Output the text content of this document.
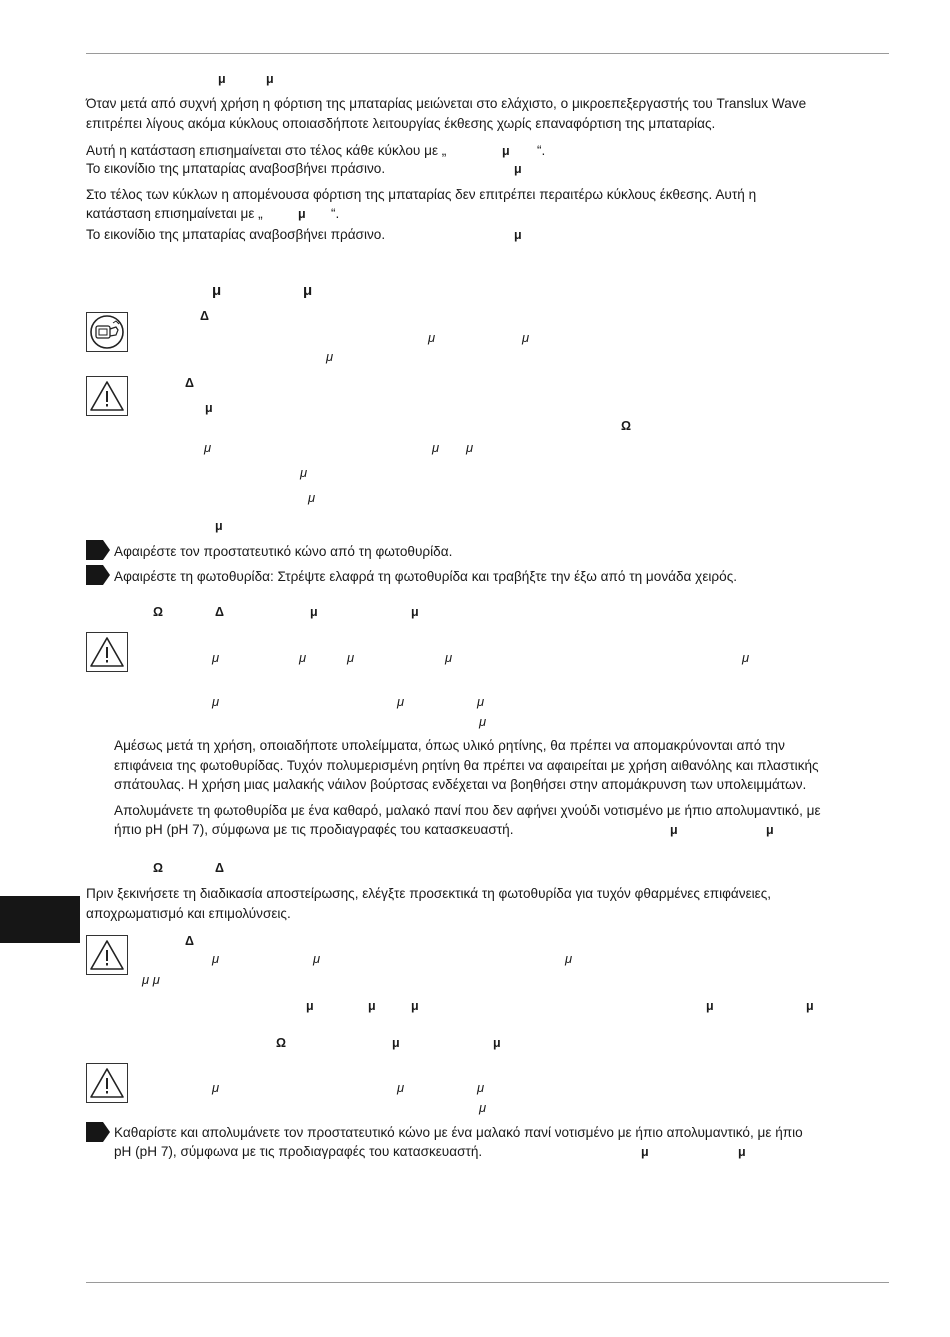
μ	μ
Όταν μετά από συχνή χρήση η φόρτιση της μπαταρίας μειώνεται στο ελάχιστο, ο μικροεπεξεργαστής του Translux Wave
επιτρέπει λίγους ακόμα κύκλους οποιασδήποτε λειτουργίας έκθεσης χωρίς επαναφόρτιση της μπαταρίας.
Αυτή η κατάσταση επισημαίνεται στο τέλος κάθε κύκλου με „	μ “.
Το εικονίδιο της μπαταρίας αναβοσβήνει πράσινο.	μ
Στο τέλος των κύκλων η απομένουσα φόρτιση της μπαταρίας δεν επιτρέπει περαιτέρω κύκλους έκθεσης. Αυτή η
κατάσταση επισημαίνεται με „	μ “.
Το εικονίδιο της μπαταρίας αναβοσβήνει πράσινο.	μ
μ	μ
Δ
μ	μ
μ
Δ
μ
Ω
μ	μ μ
μ
μ
μ
Αφαιρέστε τον προστατευτικό κώνο από τη φωτοθυρίδα.
Αφαιρέστε τη φωτοθυρίδα: Στρέψτε ελαφρά τη φωτοθυρίδα και τραβήξτε την έξω από τη μονάδα χειρός.
Ω	Δ	μ	μ
μ	μ	μ	μ	μ
μ	μ	μ
μ
Αμέσως μετά τη χρήση, οποιαδήποτε υπολείμματα, όπως υλικό ρητίνης, θα πρέπει να απομακρύνονται από την
επιφάνεια της φωτοθυρίδας. Τυχόν πολυμερισμένη ρητίνη θα πρέπει να αφαιρείται με χρήση αιθανόλης και πλαστικής
σπάτουλας. Η χρήση μιας μαλακής νάιλον βούρτσας ενδέχεται να βοηθήσει στην απομάκρυνση των υπολειμμάτων.
Απολυμάνετε τη φωτοθυρίδα με ένα καθαρό, μαλακό πανί που δεν αφήνει χνούδι νοτισμένο με ήπιο απολυμαντικό, με
ήπιο pH (pH 7), σύμφωνα με τις προδιαγραφές του κατασκευαστή.	μ	μ
Ω	Δ
Πριν ξεκινήσετε τη διαδικασία αποστείρωσης, ελέγξτε προσεκτικά τη φωτοθυρίδα για τυχόν φθαρμένες επιφάνειες,
αποχρωματισμό και επιμολύνσεις.
Δ
μ	μ	μ
μ μ
μ	μ	μ	μ	μ
Ω	μ	μ
μ	μ	μ
μ
Καθαρίστε και απολυμάνετε τον προστατευτικό κώνο με ένα μαλακό πανί νοτισμένο με ήπιο απολυμαντικό, με ήπιο
pH (pH 7), σύμφωνα με τις προδιαγραφές του κατασκευαστή.	μ	μ
